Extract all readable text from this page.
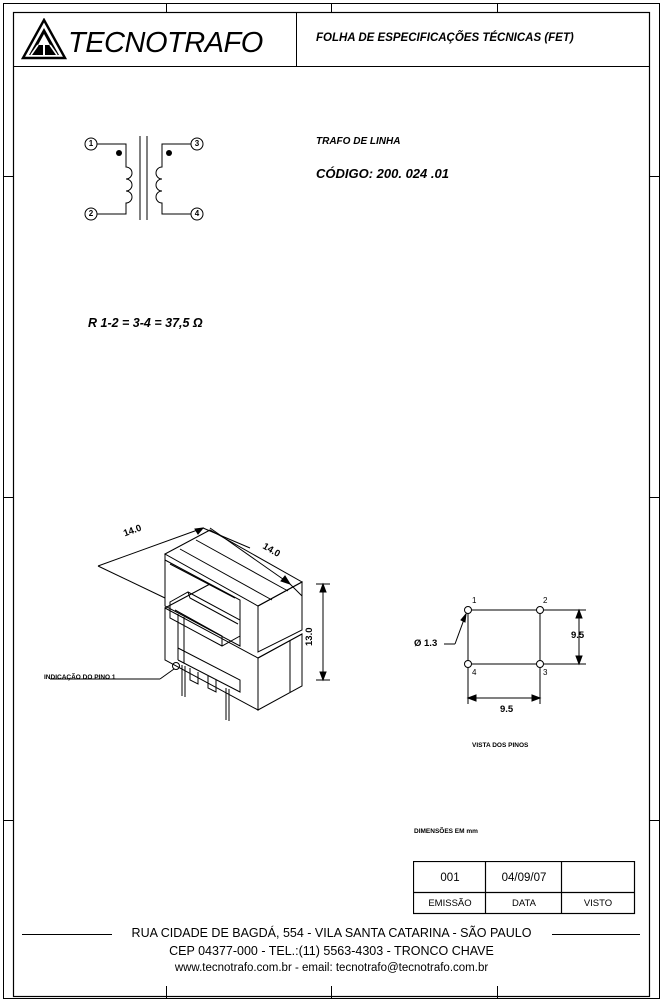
TECNOTRAFO	FOLHA DE ESPECIFICAÇÕES TÉCNICAS (FET)
1
2
3
4
TRAFO DE LINHA
CÓDIGO: 200. 024 .01
R 1-2 = 3-4 = 37,5 Ω
14.0
14.0
13.0
INDICAÇÃO DO PINO 1
1	2
3
4
Ø 1.3
9.5
9.5
VISTA DOS PINOS
DIMENSÕES EM mm
001	04/09/07
EMISSÃO	DATA	VISTO
RUA CIDADE DE BAGDÁ, 554 - VILA SANTA CATARINA - SÃO PAULO
CEP 04377-000 - TEL.:(11) 5563-4303 - TRONCO CHAVE
www.tecnotrafo.com.br - email: tecnotrafo@tecnotrafo.com.br
